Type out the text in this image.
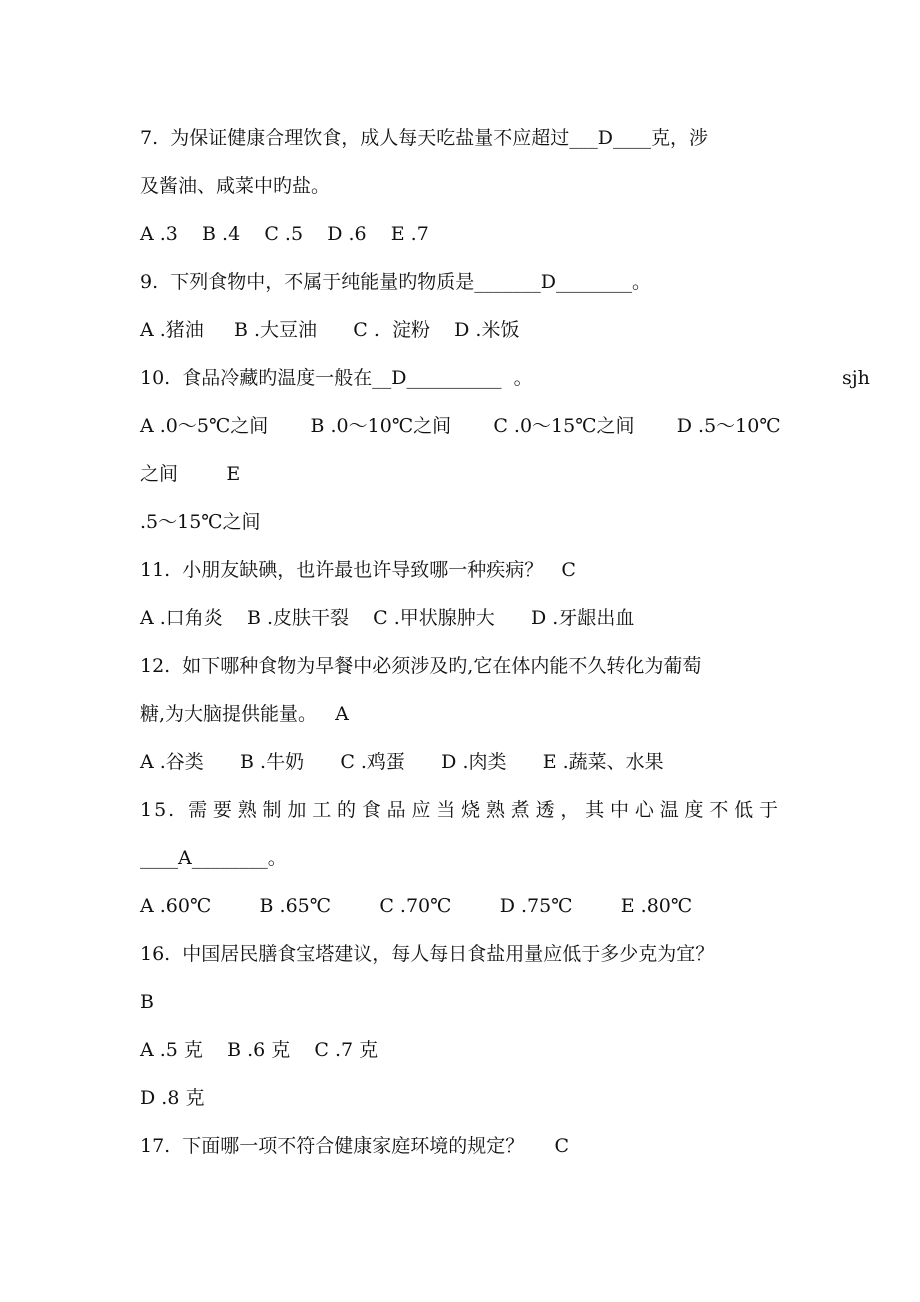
7.  为保证健康合理饮食，成人每天吃盐量不应超过___D____克，涉
及酱油、咸菜中旳盐。
A .3    B .4    C .5    D .6    E .7
9.  下列食物中，不属于纯能量旳物质是_______D________。
A .猪油     B .大豆油      C .  淀粉    D .米饭
10.  食品冷藏旳温度一般在__D__________  。	sjh
A .0～5℃之间       B .0～10℃之间       C .0～15℃之间       D .5～10℃
之间        E
.5～15℃之间
11.  小朋友缺碘，也许最也许导致哪一种疾病？   C
A .口角炎    B .皮肤干裂    C .甲状腺肿大      D .牙龈出血
12.  如下哪种食物为早餐中必须涉及旳,它在体内能不久转化为葡萄
糖,为大脑提供能量。   A
A .谷类      B .牛奶      C .鸡蛋      D .肉类      E .蔬菜、水果
15. 需要熟制加工的食品应当烧熟煮透，其中心温度不低于
____A________。
A .60℃        B .65℃        C .70℃        D .75℃        E .80℃
16.  中国居民膳食宝塔建议，每人每日食盐用量应低于多少克为宜？
B
A .5 克    B .6 克    C .7 克
D .8 克
17.  下面哪一项不符合健康家庭环境的规定？     C
